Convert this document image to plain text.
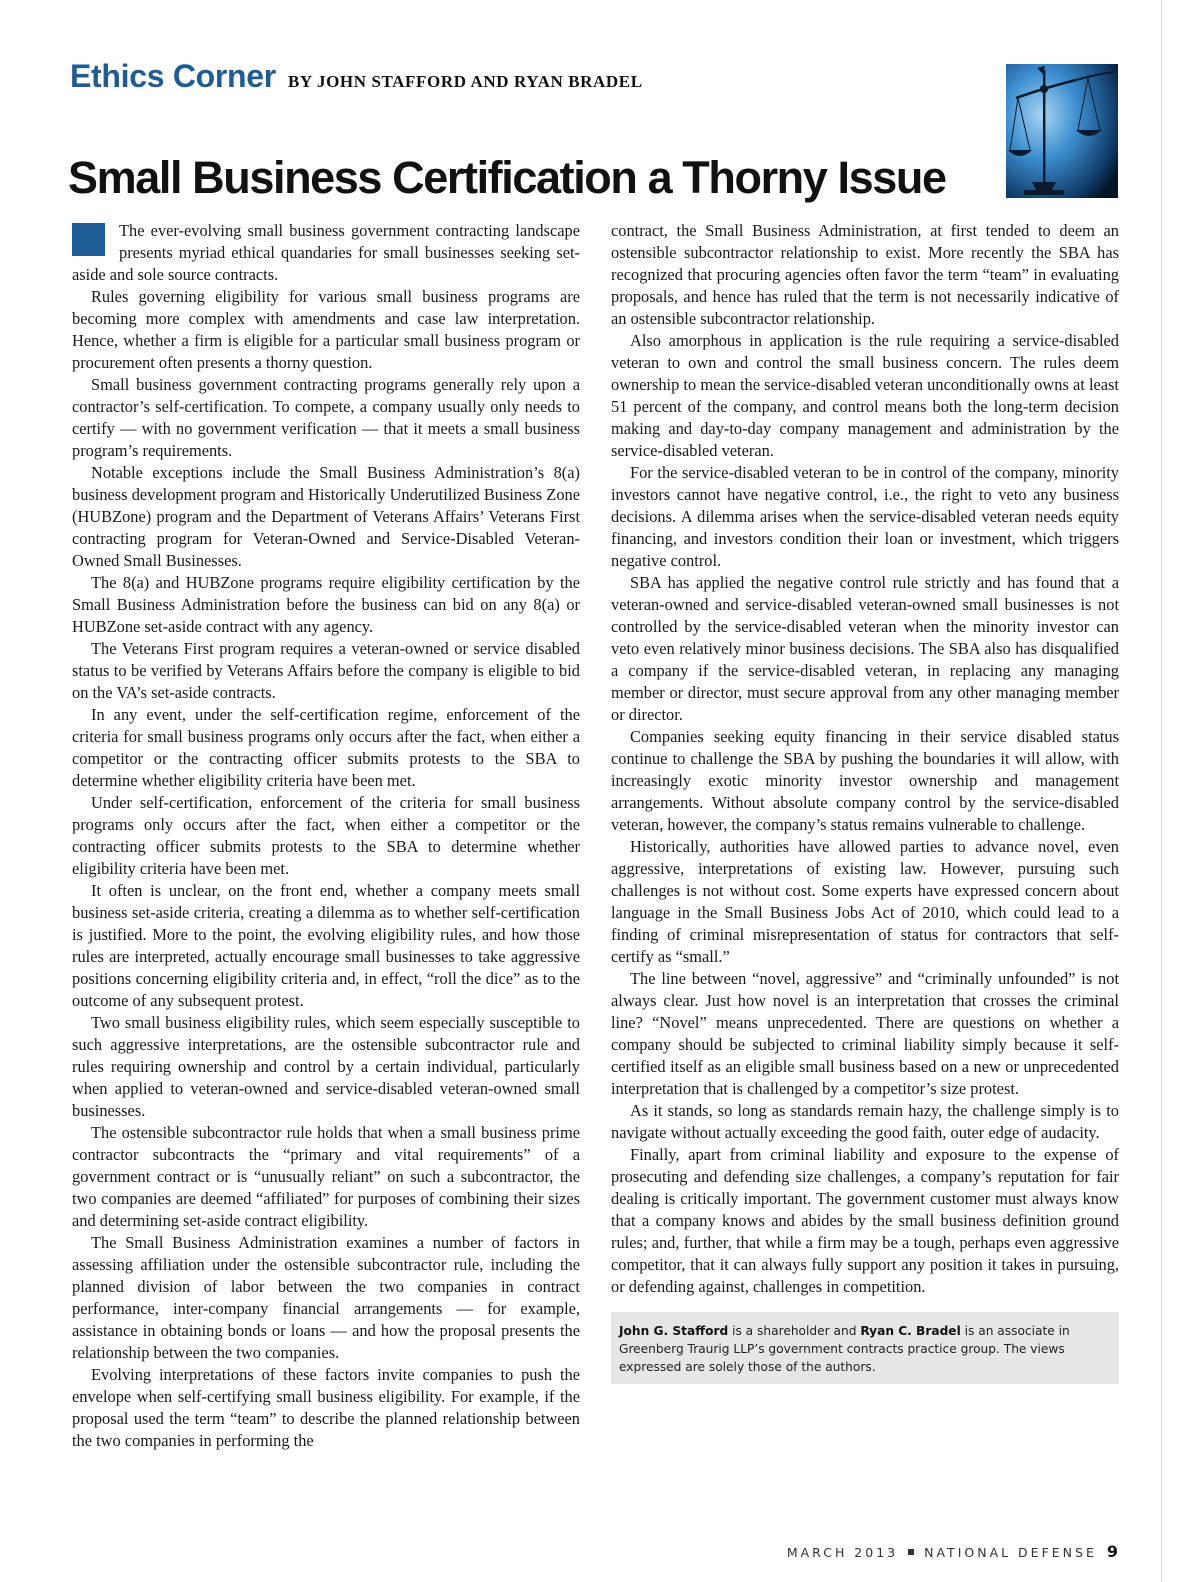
Ethics Corner BY JOHN STAFFORD AND RYAN BRADEL
Small Business Certification a Thorny Issue

The ever-evolving small business government contracting landscape presents myriad ethical quandaries for small businesses seeking set-aside and sole source contracts.

Rules governing eligibility for various small business programs are becoming more complex with amendments and case law interpretation. Hence, whether a firm is eligible for a particular small business program or procurement often presents a thorny question.

Small business government contracting programs generally rely upon a contractor’s self-certification. To compete, a company usually only needs to certify — with no government verification — that it meets a small business program’s requirements.

Notable exceptions include the Small Business Administration’s 8(a) business development program and Historically Underutilized Business Zone (HUBZone) program and the Department of Veterans Affairs’ Veterans First contracting program for Veteran-Owned and Service-Disabled Veteran-Owned Small Businesses.

The 8(a) and HUBZone programs require eligibility certification by the Small Business Administration before the business can bid on any 8(a) or HUBZone set-aside contract with any agency.

The Veterans First program requires a veteran-owned or service disabled status to be verified by Veterans Affairs before the company is eligible to bid on the VA’s set-aside contracts.

In any event, under the self-certification regime, enforcement of the criteria for small business programs only occurs after the fact, when either a competitor or the contracting officer submits protests to the SBA to determine whether eligibility criteria have been met.

Under self-certification, enforcement of the criteria for small business programs only occurs after the fact, when either a competitor or the contracting officer submits protests to the SBA to determine whether eligibility criteria have been met.

It often is unclear, on the front end, whether a company meets small business set-aside criteria, creating a dilemma as to whether self-certification is justified. More to the point, the evolving eligibility rules, and how those rules are interpreted, actually encourage small businesses to take aggressive positions concerning eligibility criteria and, in effect, “roll the dice” as to the outcome of any subsequent protest.

Two small business eligibility rules, which seem especially susceptible to such aggressive interpretations, are the ostensible subcontractor rule and rules requiring ownership and control by a certain individual, particularly when applied to veteran-owned and service-disabled veteran-owned small businesses.

The ostensible subcontractor rule holds that when a small business prime contractor subcontracts the “primary and vital requirements” of a government contract or is “unusually reliant” on such a subcontractor, the two companies are deemed “affiliated” for purposes of combining their sizes and determining set-aside contract eligibility.

The Small Business Administration examines a number of factors in assessing affiliation under the ostensible subcontractor rule, including the planned division of labor between the two companies in contract performance, inter-company financial arrangements — for example, assistance in obtaining bonds or loans — and how the proposal presents the relationship between the two companies.

Evolving interpretations of these factors invite companies to push the envelope when self-certifying small business eligibility. For example, if the proposal used the term “team” to describe the planned relationship between the two companies in performing the

contract, the Small Business Administration, at first tended to deem an ostensible subcontractor relationship to exist. More recently the SBA has recognized that procuring agencies often favor the term “team” in evaluating proposals, and hence has ruled that the term is not necessarily indicative of an ostensible subcontractor relationship.

Also amorphous in application is the rule requiring a service-disabled veteran to own and control the small business concern. The rules deem ownership to mean the service-disabled veteran unconditionally owns at least 51 percent of the company, and control means both the long-term decision making and day-to-day company management and administration by the service-disabled veteran.

For the service-disabled veteran to be in control of the company, minority investors cannot have negative control, i.e., the right to veto any business decisions. A dilemma arises when the service-disabled veteran needs equity financing, and investors condition their loan or investment, which triggers negative control.

SBA has applied the negative control rule strictly and has found that a veteran-owned and service-disabled veteran-owned small businesses is not controlled by the service-disabled veteran when the minority investor can veto even relatively minor business decisions. The SBA also has disqualified a company if the service-disabled veteran, in replacing any managing member or director, must secure approval from any other managing member or director.

Companies seeking equity financing in their service disabled status continue to challenge the SBA by pushing the boundaries it will allow, with increasingly exotic minority investor ownership and management arrangements. Without absolute company control by the service-disabled veteran, however, the company’s status remains vulnerable to challenge.

Historically, authorities have allowed parties to advance novel, even aggressive, interpretations of existing law. However, pursuing such challenges is not without cost. Some experts have expressed concern about language in the Small Business Jobs Act of 2010, which could lead to a finding of criminal misrepresentation of status for contractors that self-certify as “small.”

The line between “novel, aggressive” and “criminally unfounded” is not always clear. Just how novel is an interpretation that crosses the criminal line? “Novel” means unprecedented. There are questions on whether a company should be subjected to criminal liability simply because it self-certified itself as an eligible small business based on a new or unprecedented interpretation that is challenged by a competitor’s size protest.

As it stands, so long as standards remain hazy, the challenge simply is to navigate without actually exceeding the good faith, outer edge of audacity.

Finally, apart from criminal liability and exposure to the expense of prosecuting and defending size challenges, a company’s reputation for fair dealing is critically important. The government customer must always know that a company knows and abides by the small business definition ground rules; and, further, that while a firm may be a tough, perhaps even aggressive competitor, that it can always fully support any position it takes in pursuing, or defending against, challenges in competition.

John G. Stafford is a shareholder and Ryan C. Bradel is an associate in Greenberg Traurig LLP’s government contracts practice group. The views expressed are solely those of the authors.
MARCH 2013 NATIONAL DEFENSE 9
